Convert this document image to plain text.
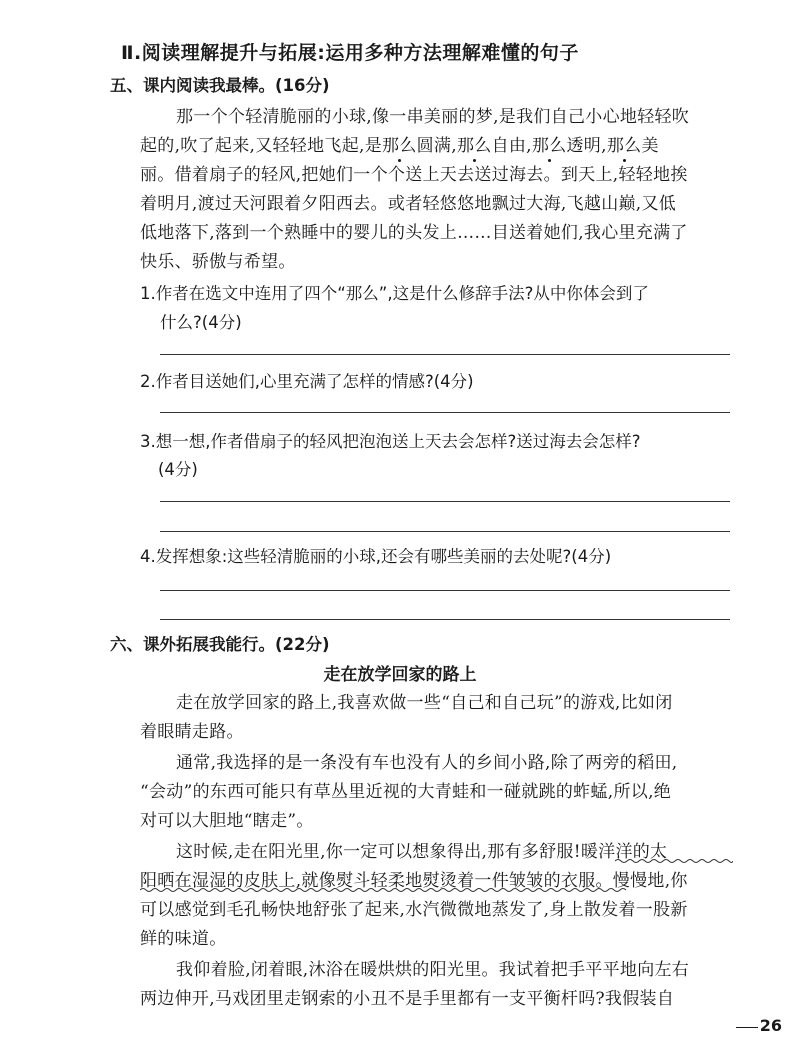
Ⅱ.阅读理解提升与拓展:运用多种方法理解难懂的句子
五、课内阅读我最棒。(16分)
那一个个轻清脆丽的小球,像一串美丽的梦,是我们自己小心地轻轻吹
起的,吹了起来,又轻轻地飞起,是那么圆满,那么自由,那么透明,那么美
丽。借着扇子的轻风,把她们一个个送上天去送过海去。到天上,轻轻地挨
着明月,渡过天河跟着夕阳西去。或者轻悠悠地飘过大海,飞越山巅,又低
低地落下,落到一个熟睡中的婴儿的头发上……目送着她们,我心里充满了
快乐、骄傲与希望。
1.作者在选文中连用了四个“那么”,这是什么修辞手法?从中你体会到了
什么?(4分)
2.作者目送她们,心里充满了怎样的情感?(4分)
3.想一想,作者借扇子的轻风把泡泡送上天去会怎样?送过海去会怎样?
(4分)
4.发挥想象:这些轻清脆丽的小球,还会有哪些美丽的去处呢?(4分)
六、课外拓展我能行。(22分)
走在放学回家的路上
走在放学回家的路上,我喜欢做一些“自己和自己玩”的游戏,比如闭
着眼睛走路。
通常,我选择的是一条没有车也没有人的乡间小路,除了两旁的稻田,
“会动”的东西可能只有草丛里近视的大青蛙和一碰就跳的蚱蜢,所以,绝
对可以大胆地“瞎走”。
这时候,走在阳光里,你一定可以想象得出,那有多舒服!暖洋洋的太
阳晒在湿湿的皮肤上,就像熨斗轻柔地熨烫着一件皱皱的衣服。慢慢地,你
可以感觉到毛孔畅快地舒张了起来,水汽微微地蒸发了,身上散发着一股新
鲜的味道。
我仰着脸,闭着眼,沐浴在暖烘烘的阳光里。我试着把手平平地向左右
两边伸开,马戏团里走钢索的小丑不是手里都有一支平衡杆吗?我假装自
26
